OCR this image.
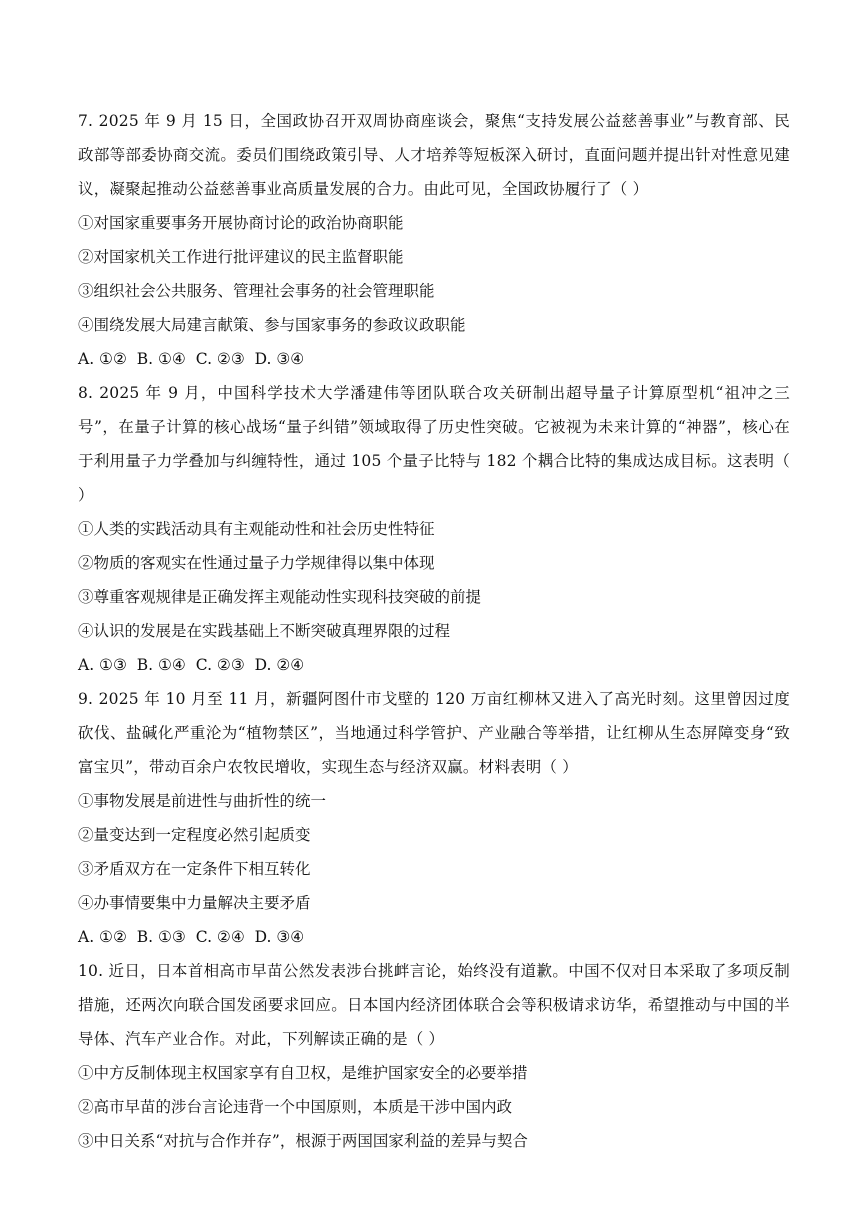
7. 2025 年 9 月 15 日，全国政协召开双周协商座谈会，聚焦“支持发展公益慈善事业”与教育部、民政部等部委协商交流。委员们围绕政策引导、人才培养等短板深入研讨，直面问题并提出针对性意见建议，凝聚起推动公益慈善事业高质量发展的合力。由此可见，全国政协履行了（ ）

①对国家重要事务开展协商讨论的政治协商职能

②对国家机关工作进行批评建议的民主监督职能

③组织社会公共服务、管理社会事务的社会管理职能

④围绕发展大局建言献策、参与国家事务的参政议政职能

A. ①② B. ①④ C. ②③ D. ③④

8. 2025 年 9 月，中国科学技术大学潘建伟等团队联合攻关研制出超导量子计算原型机“祖冲之三号”，在量子计算的核心战场“量子纠错”领域取得了历史性突破。它被视为未来计算的“神器”，核心在于利用量子力学叠加与纠缠特性，通过 105 个量子比特与 182 个耦合比特的集成达成目标。这表明（ ）

①人类的实践活动具有主观能动性和社会历史性特征

②物质的客观实在性通过量子力学规律得以集中体现

③尊重客观规律是正确发挥主观能动性实现科技突破的前提

④认识的发展是在实践基础上不断突破真理界限的过程

A. ①③ B. ①④ C. ②③ D. ②④

9. 2025 年 10 月至 11 月，新疆阿图什市戈壁的 120 万亩红柳林又进入了高光时刻。这里曾因过度砍伐、盐碱化严重沦为“植物禁区”，当地通过科学管护、产业融合等举措，让红柳从生态屏障变身“致富宝贝”，带动百余户农牧民增收，实现生态与经济双赢。材料表明（ ）

①事物发展是前进性与曲折性的统一

②量变达到一定程度必然引起质变

③矛盾双方在一定条件下相互转化

④办事情要集中力量解决主要矛盾

A. ①② B. ①③ C. ②④ D. ③④

10. 近日，日本首相高市早苗公然发表涉台挑衅言论，始终没有道歉。中国不仅对日本采取了多项反制措施，还两次向联合国发函要求回应。日本国内经济团体联合会等积极请求访华，希望推动与中国的半导体、汽车产业合作。对此，下列解读正确的是（ ）

①中方反制体现主权国家享有自卫权，是维护国家安全的必要举措

②高市早苗的涉台言论违背一个中国原则，本质是干涉中国内政

③中日关系“对抗与合作并存”，根源于两国国家利益的差异与契合
